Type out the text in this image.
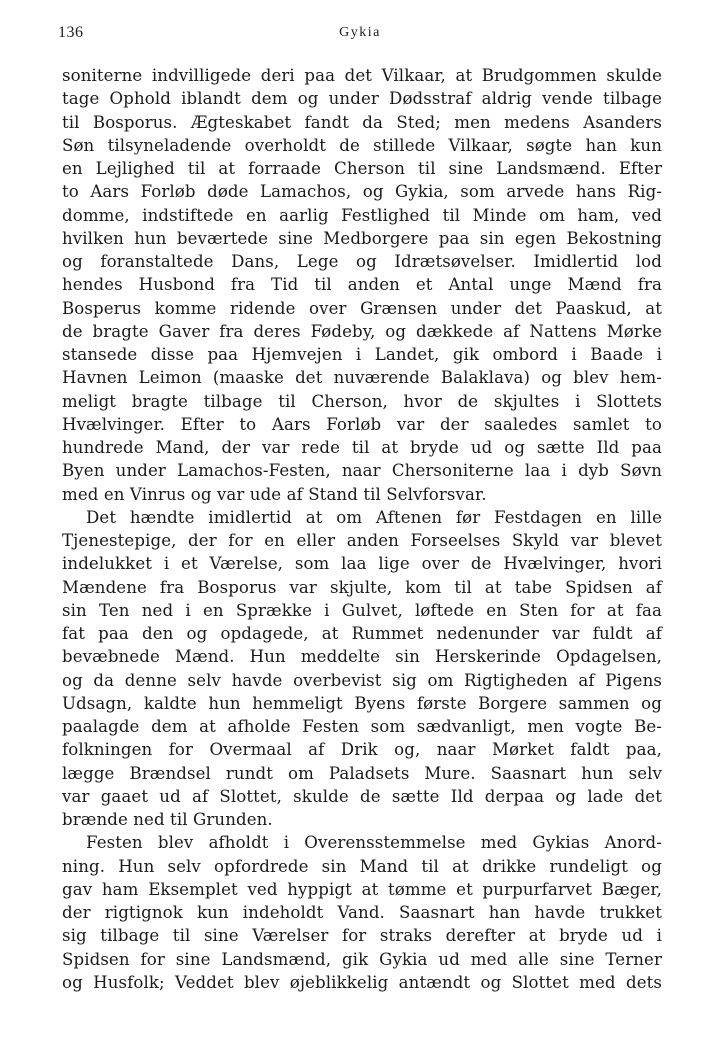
136	Gykia
soniterne indvilligede deri paa det Vilkaar, at Brudgommen skulde
tage Ophold iblandt dem og under Dødsstraf aldrig vende tilbage
til Bosporus. Ægteskabet fandt da Sted; men medens Asanders
Søn tilsyneladende overholdt de stillede Vilkaar, søgte han kun
en Lejlighed til at forraade Cherson til sine Landsmænd. Efter
to Aars Forløb døde Lamachos, og Gykia, som arvede hans Rig-
domme, indstiftede en aarlig Festlighed til Minde om ham, ved
hvilken hun beværtede sine Medborgere paa sin egen Bekostning
og foranstaltede Dans, Lege og Idrætsøvelser. Imidlertid lod
hendes Husbond fra Tid til anden et Antal unge Mænd fra
Bosperus komme ridende over Grænsen under det Paaskud, at
de bragte Gaver fra deres Fødeby, og dækkede af Nattens Mørke
stansede disse paa Hjemvejen i Landet, gik ombord i Baade i
Havnen Leimon (maaske det nuværende Balaklava) og blev hem-
meligt bragte tilbage til Cherson, hvor de skjultes i Slottets
Hvælvinger. Efter to Aars Forløb var der saaledes samlet to
hundrede Mand, der var rede til at bryde ud og sætte Ild paa
Byen under Lamachos-Festen, naar Chersoniterne laa i dyb Søvn
med en Vinrus og var ude af Stand til Selvforsvar.
Det hændte imidlertid at om Aftenen før Festdagen en lille
Tjenestepige, der for en eller anden Forseelses Skyld var blevet
indelukket i et Værelse, som laa lige over de Hvælvinger, hvori
Mændene fra Bosporus var skjulte, kom til at tabe Spidsen af
sin Ten ned i en Sprække i Gulvet, løftede en Sten for at faa
fat paa den og opdagede, at Rummet nedenunder var fuldt af
bevæbnede Mænd. Hun meddelte sin Herskerinde Opdagelsen,
og da denne selv havde overbevist sig om Rigtigheden af Pigens
Udsagn, kaldte hun hemmeligt Byens første Borgere sammen og
paalagde dem at afholde Festen som sædvanligt, men vogte Be-
folkningen for Overmaal af Drik og, naar Mørket faldt paa,
lægge Brændsel rundt om Paladsets Mure. Saasnart hun selv
var gaaet ud af Slottet, skulde de sætte Ild derpaa og lade det
brænde ned til Grunden.
Festen blev afholdt i Overensstemmelse med Gykias Anord-
ning. Hun selv opfordrede sin Mand til at drikke rundeligt og
gav ham Eksemplet ved hyppigt at tømme et purpurfarvet Bæger,
der rigtignok kun indeholdt Vand. Saasnart han havde trukket
sig tilbage til sine Værelser for straks derefter at bryde ud i
Spidsen for sine Landsmænd, gik Gykia ud med alle sine Terner
og Husfolk; Veddet blev øjeblikkelig antændt og Slottet med dets
